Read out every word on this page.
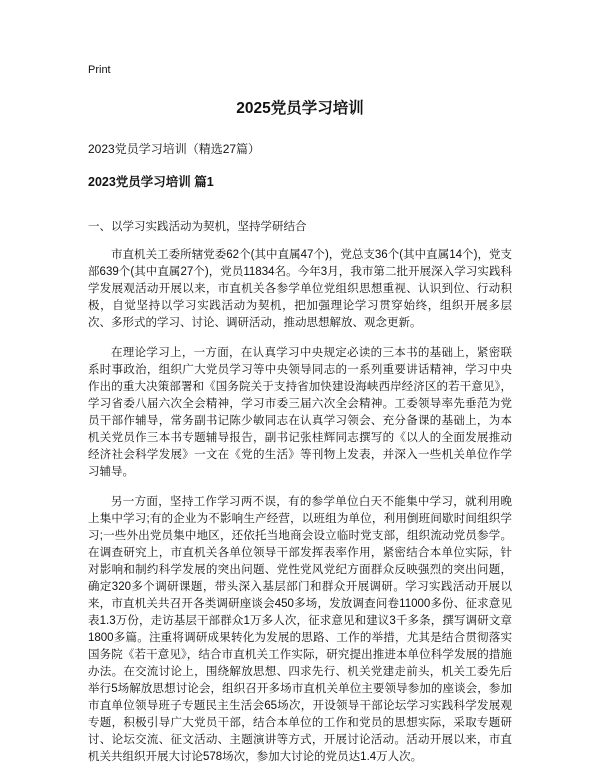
Print
2025党员学习培训
2023党员学习培训（精选27篇）
2023党员学习培训 篇1
一、以学习实践活动为契机，坚持学研结合

市直机关工委所辖党委62个(其中直属47个)，党总支36个(其中直属14个)，党支部639个(其中直属27个)，党员11834名。今年3月，我市第二批开展深入学习实践科学发展观活动开展以来，市直机关各参学单位党组织思想重视、认识到位、行动积极，自觉坚持以学习实践活动为契机，把加强理论学习贯穿始终，组织开展多层次、多形式的学习、讨论、调研活动，推动思想解放、观念更新。

在理论学习上，一方面，在认真学习中央规定必读的三本书的基础上，紧密联系时事政治，组织广大党员学习等中央领导同志的一系列重要讲话精神，学习中央作出的重大决策部署和《国务院关于支持省加快建设海峡西岸经济区的若干意见》，学习省委八届六次全会精神，学习市委三届六次全会精神。工委领导率先垂范为党员干部作辅导，常务副书记陈少敏同志在认真学习领会、充分备课的基础上，为本机关党员作三本书专题辅导报告，副书记张桂辉同志撰写的《以人的全面发展推动经济社会科学发展》一文在《党的生活》等刊物上发表，并深入一些机关单位作学习辅导。

另一方面，坚持工作学习两不误，有的参学单位白天不能集中学习，就利用晚上集中学习;有的企业为不影响生产经营，以班组为单位，利用倒班间歇时间组织学习;一些外出党员集中地区，还依托当地商会设立临时党支部，组织流动党员参学。在调查研究上，市直机关各单位领导干部发挥表率作用，紧密结合本单位实际，针对影响和制约科学发展的突出问题、党性党风党纪方面群众反映强烈的突出问题，确定320多个调研课题，带头深入基层部门和群众开展调研。学习实践活动开展以来，市直机关共召开各类调研座谈会450多场，发放调查问卷11000多份、征求意见表1.3万份，走访基层干部群众1万多人次，征求意见和建议3千多条，撰写调研文章1800多篇。注重将调研成果转化为发展的思路、工作的举措，尤其是结合贯彻落实国务院《若干意见》，结合市直机关工作实际，研究提出推进本单位科学发展的措施办法。在交流讨论上，围绕解放思想、四求先行、机关党建走前头，机关工委先后举行5场解放思想讨论会，组织召开多场市直机关单位主要领导参加的座谈会，参加市直单位领导班子专题民主生活会65场次，开设领导干部论坛学习实践科学发展观专题，积极引导广大党员干部，结合本单位的工作和党员的思想实际，采取专题研讨、论坛交流、征文活动、主题演讲等方式，开展讨论活动。活动开展以来，市直机关共组织开展大讨论578场次，参加大讨论的党员达1.4万人次。
